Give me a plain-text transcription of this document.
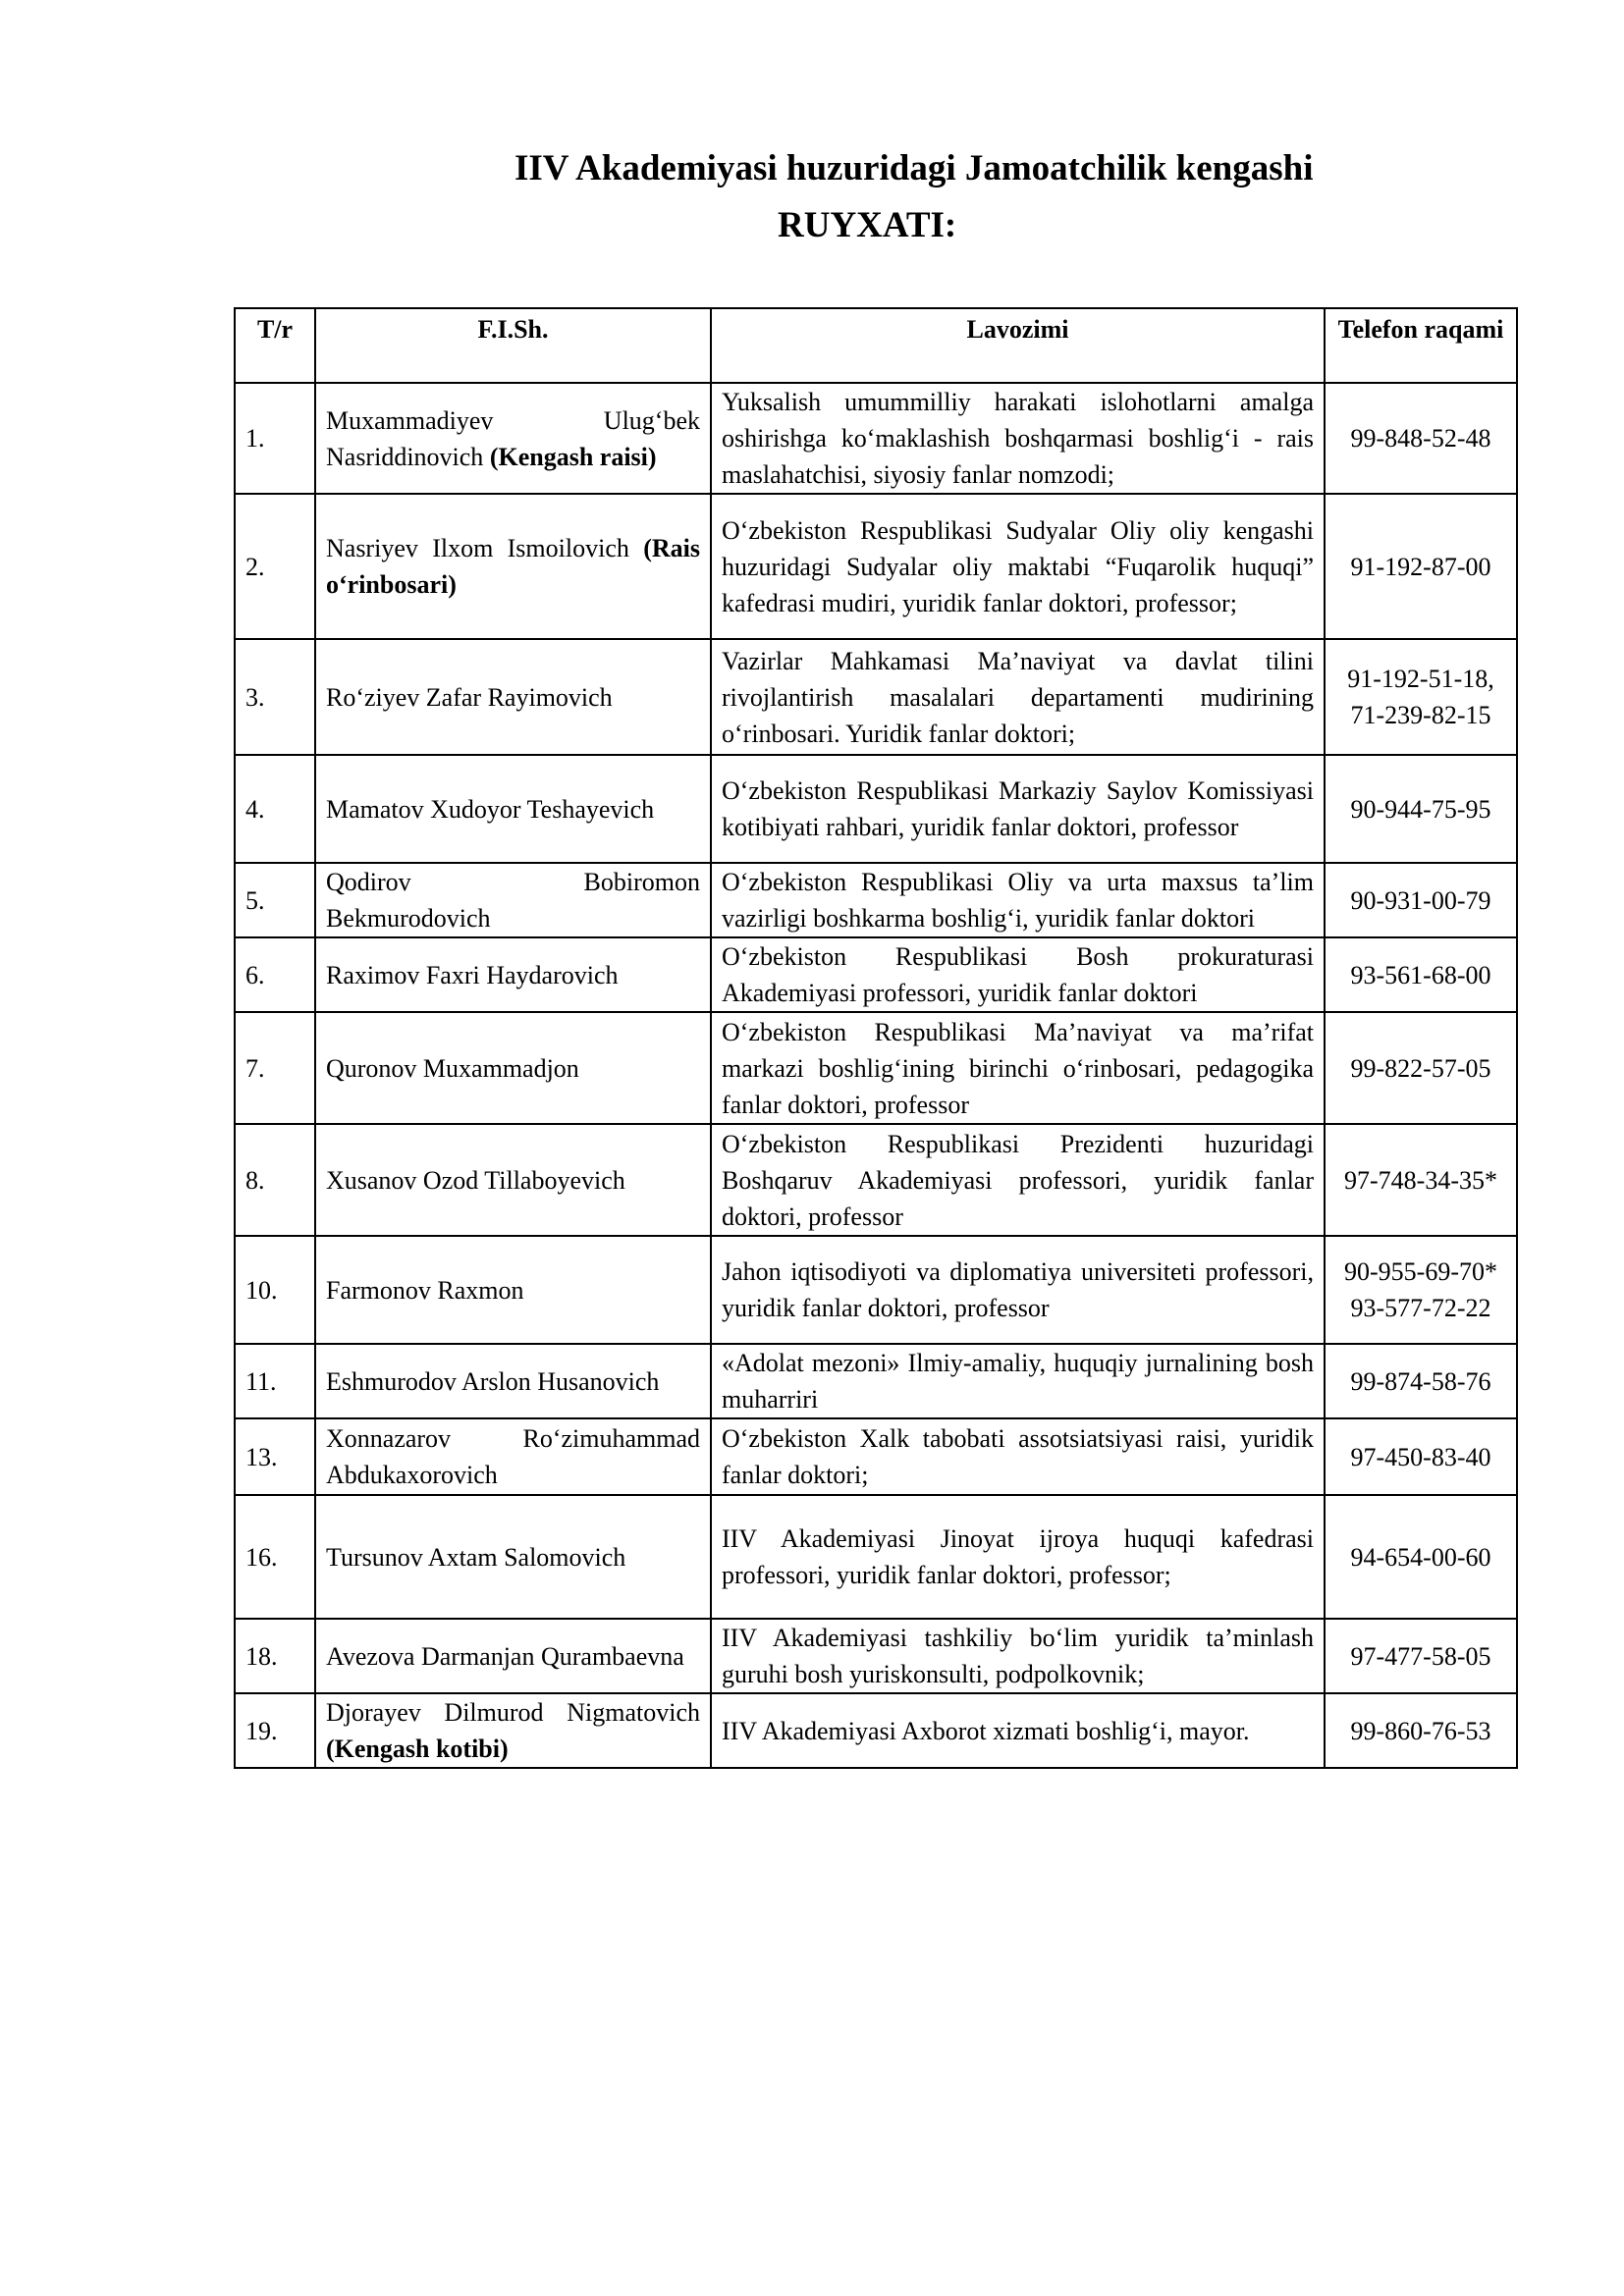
IIV Akademiyasi huzuridagi Jamoatchilik kengashi
RUYXATI:
T/r	F.I.Sh.	Lavozimi	Telefon raqami
1.	Muxammadiyev Ulug‘bek Nasriddinovich (Kengash raisi)	Yuksalish umummilliy harakati islohotlarni amalga oshirishga ko‘maklashish boshqarmasi boshlig‘i - rais maslahatchisi, siyosiy fanlar nomzodi;	99-848-52-48
2.	Nasriyev Ilxom Ismoilovich (Rais o‘rinbosari)	O‘zbekiston Respublikasi Sudyalar Oliy oliy kengashi huzuridagi Sudyalar oliy maktabi “Fuqarolik huquqi” kafedrasi mudiri, yuridik fanlar doktori, professor;	91-192-87-00
3.	Ro‘ziyev Zafar Rayimovich	Vazirlar Mahkamasi Ma’naviyat va davlat tilini rivojlantirish masalalari departamenti mudirining o‘rinbosari. Yuridik fanlar doktori;	91-192-51-18, 71-239-82-15
4.	Mamatov Xudoyor Teshayevich	O‘zbekiston Respublikasi Markaziy Saylov Komissiyasi kotibiyati rahbari, yuridik fanlar doktori, professor	90-944-75-95
5.	Qodirov Bobiromon Bekmurodovich	O‘zbekiston Respublikasi Oliy va urta maxsus ta’lim vazirligi boshkarma boshlig‘i, yuridik fanlar doktori	90-931-00-79
6.	Raximov Faxri Haydarovich	O‘zbekiston Respublikasi Bosh prokuraturasi Akademiyasi professori, yuridik fanlar doktori	93-561-68-00
7.	Quronov Muxammadjon	O‘zbekiston Respublikasi Ma’naviyat va ma’rifat markazi boshlig‘ining birinchi o‘rinbosari, pedagogika fanlar doktori, professor	99-822-57-05
8.	Xusanov Ozod Tillaboyevich	O‘zbekiston Respublikasi Prezidenti huzuridagi Boshqaruv Akademiyasi professori, yuridik fanlar doktori, professor	97-748-34-35*
10.	Farmonov Raxmon	Jahon iqtisodiyoti va diplomatiya universiteti professori, yuridik fanlar doktori, professor	90-955-69-70* 93-577-72-22
11.	Eshmurodov Arslon Husanovich	«Adolat mezoni» Ilmiy-amaliy, huquqiy jurnalining bosh muharriri	99-874-58-76
13.	Xonnazarov Ro‘zimuhammad Abdukaxorovich	O‘zbekiston Xalk tabobati assotsiatsiyasi raisi, yuridik fanlar doktori;	97-450-83-40
16.	Tursunov Axtam Salomovich	IIV Akademiyasi Jinoyat ijroya huquqi kafedrasi professori, yuridik fanlar doktori, professor;	94-654-00-60
18.	Avezova Darmanjan Qurambaevna	IIV Akademiyasi tashkiliy bo‘lim yuridik ta’minlash guruhi bosh yuriskonsulti, podpolkovnik;	97-477-58-05
19.	Djorayev Dilmurod Nigmatovich (Kengash kotibi)	IIV Akademiyasi Axborot xizmati boshlig‘i, mayor.	99-860-76-53
